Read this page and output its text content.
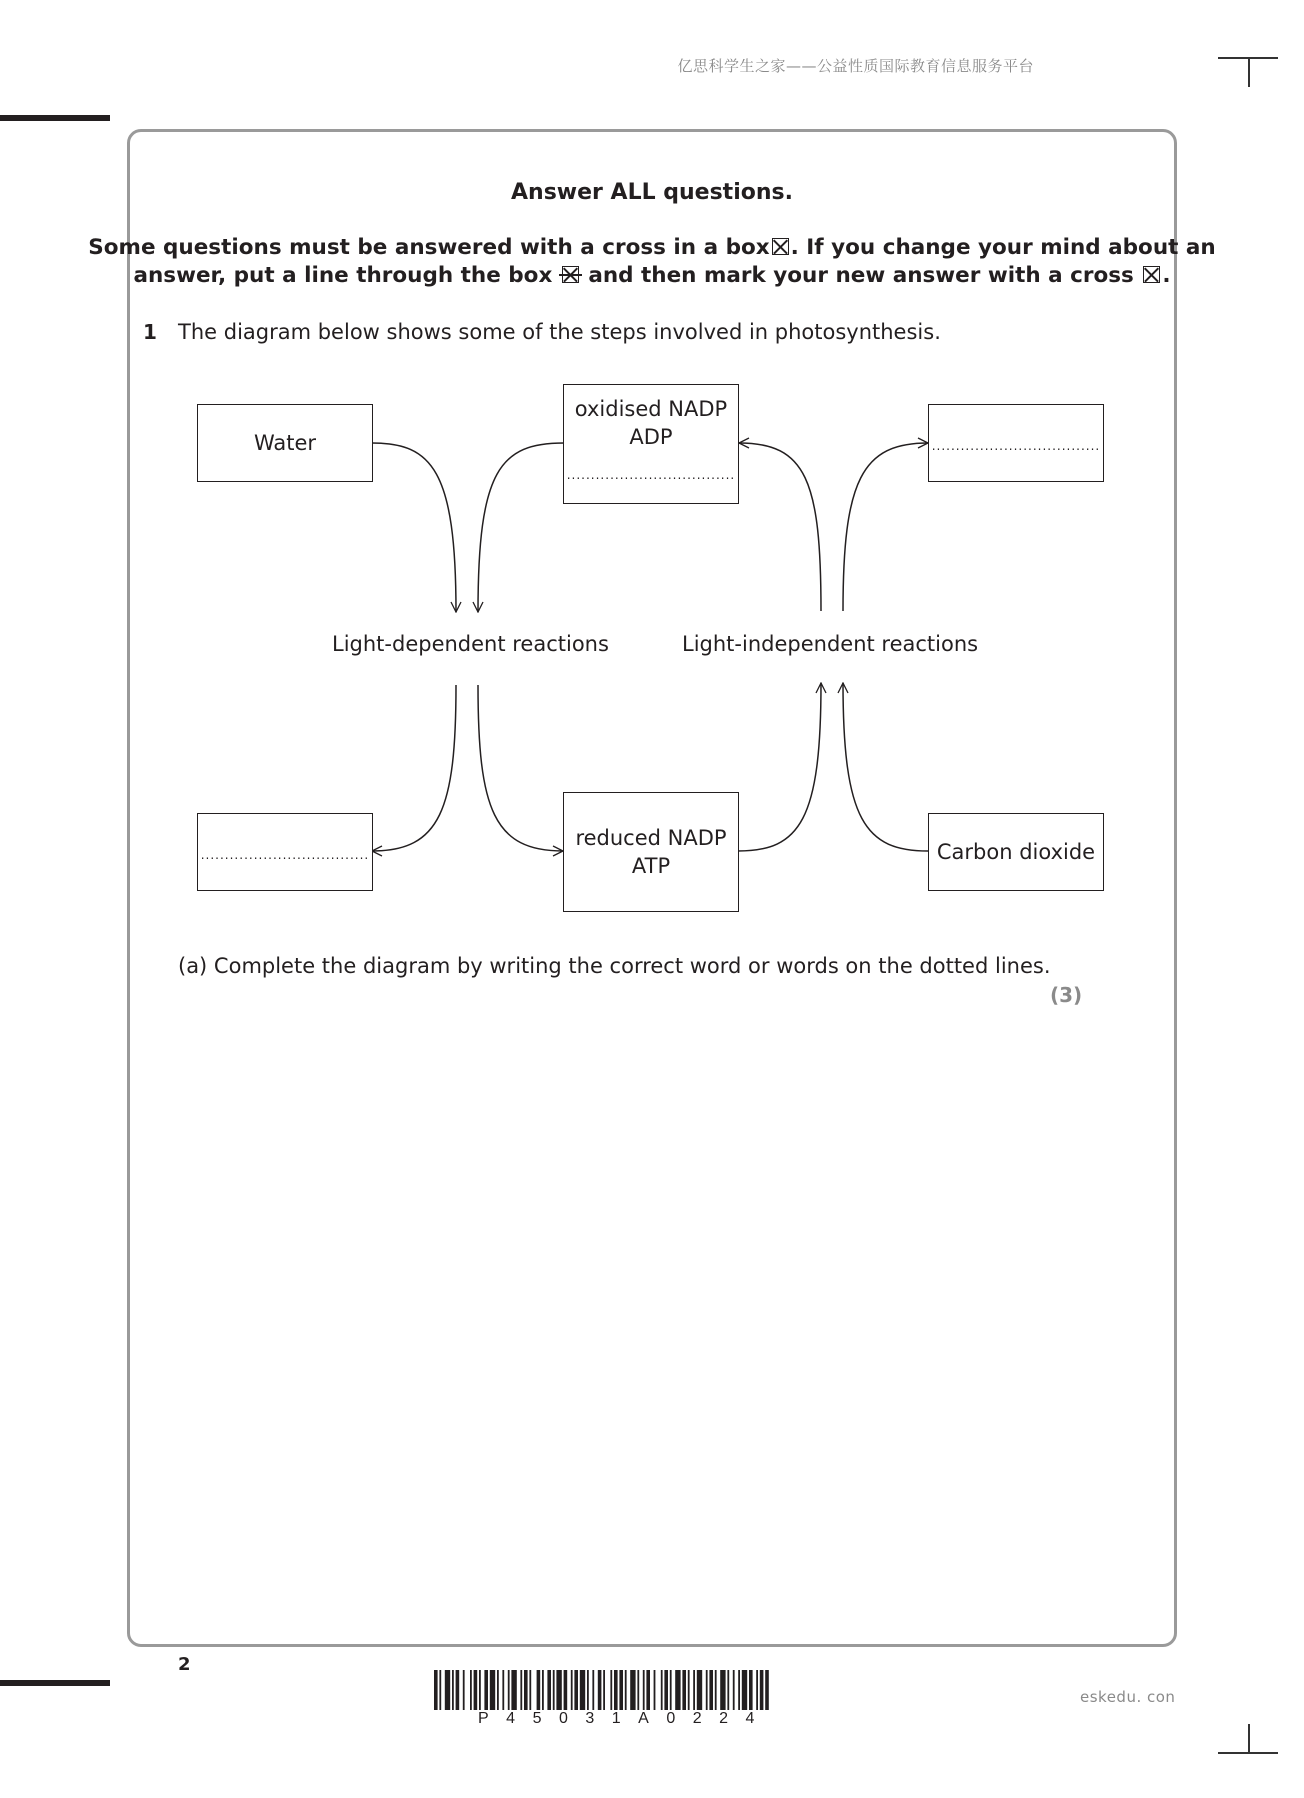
亿思科学生之家——公益性质国际教育信息服务平台
Answer ALL questions.
Some questions must be answered with a cross in a box ☒ . If you change your mind about an
answer, put a line through the box and then mark your new answer with a cross ☒ .
1 The diagram below shows some of the steps involved in photosynthesis.
Water
oxidised NADP
ADP
...................................
...................................
Light-dependent reactions	Light-independent reactions
...................................
reduced NADP
ATP
Carbon dioxide
(a) Complete the diagram by writing the correct word or words on the dotted lines.
(3)
2
P45031A0224
eskedu. con
